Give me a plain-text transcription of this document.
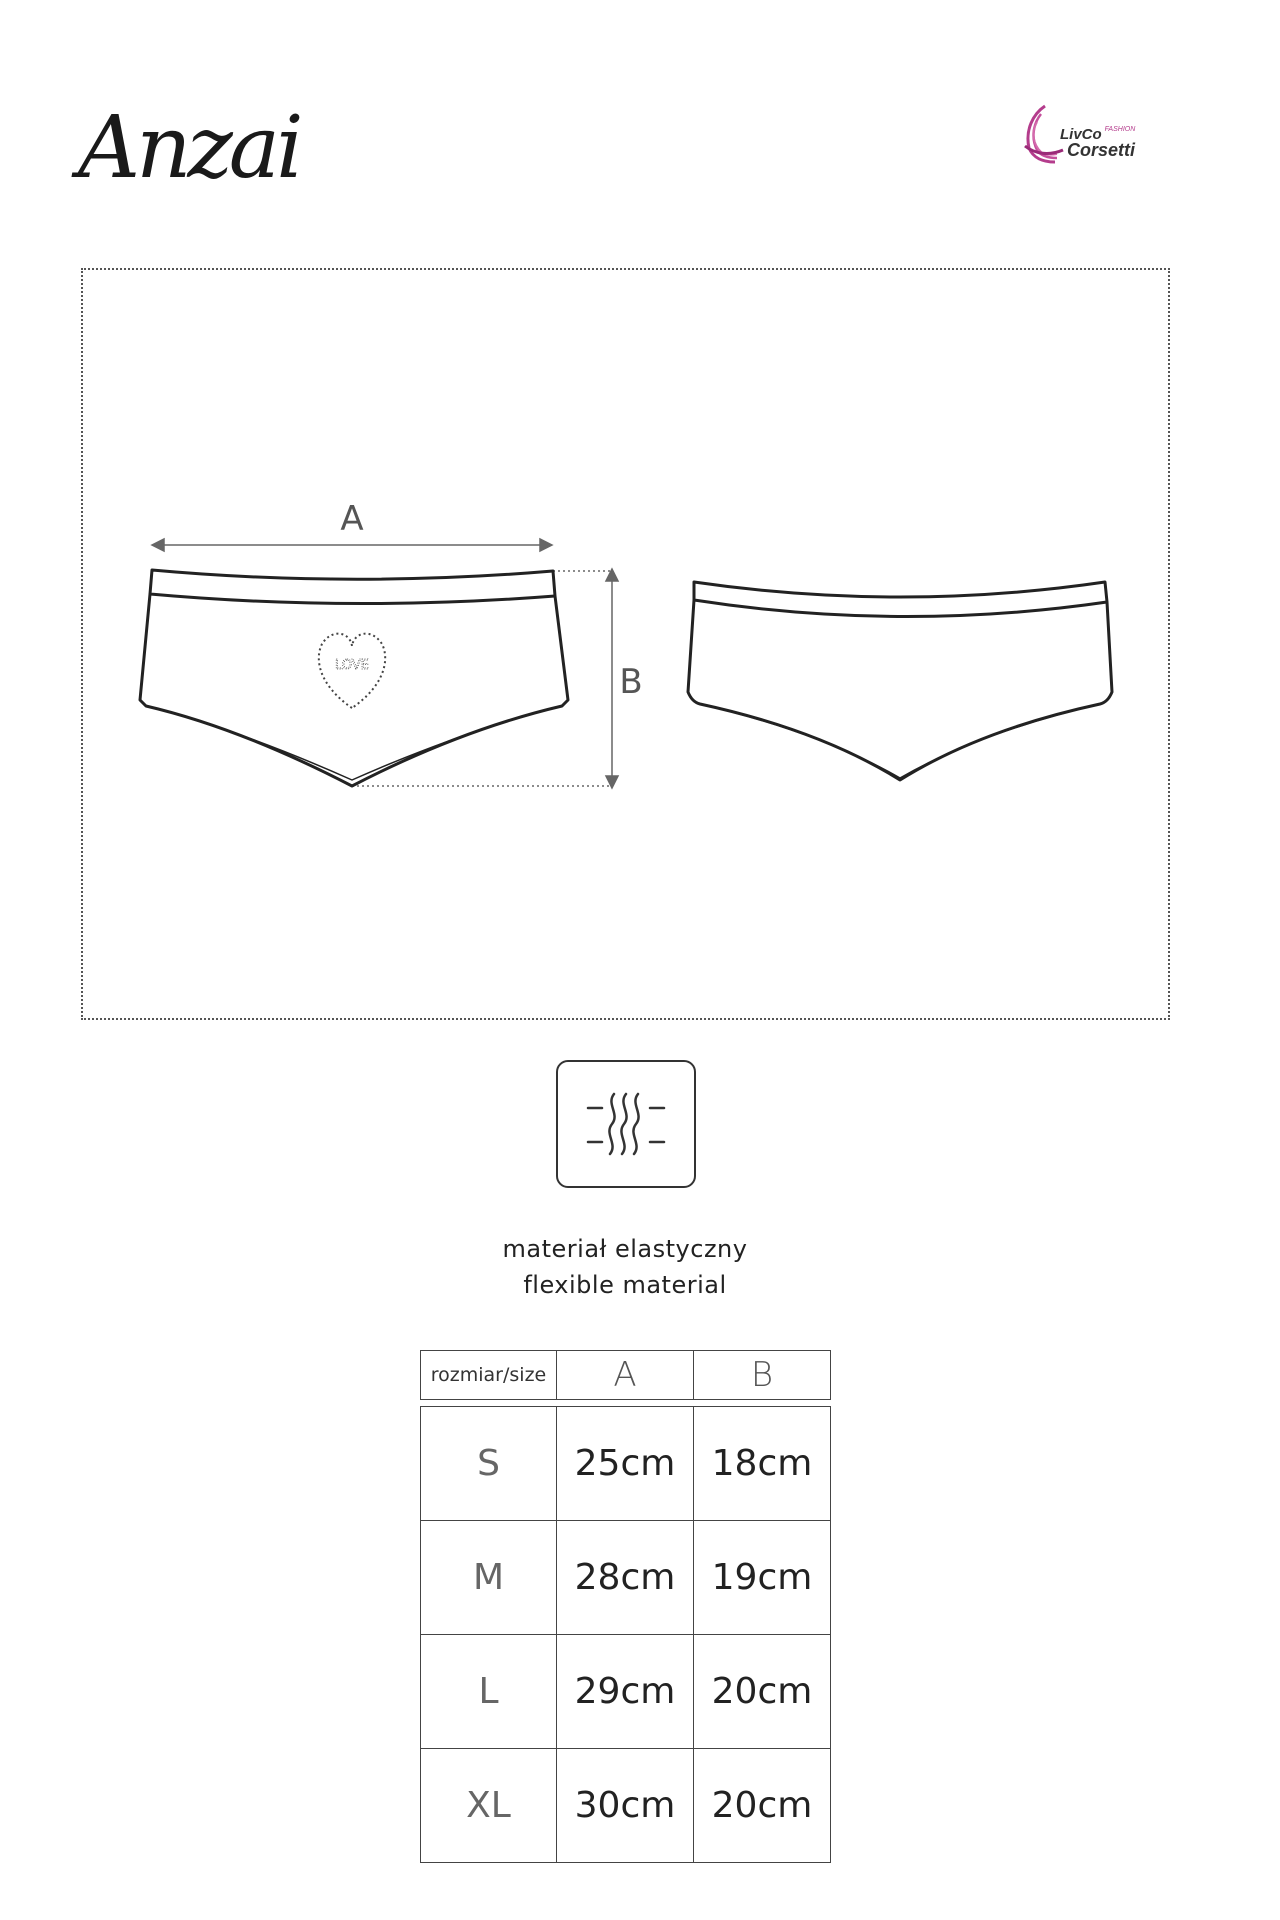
Anzai	LivCo $^{FASHION}$
Corsetti
A
B
LOVE
materiał elastyczny
flexible material
rozmiar/size	A	B
S	25cm	18cm
M	28cm	19cm
L	29cm	20cm
XL	30cm	20cm
